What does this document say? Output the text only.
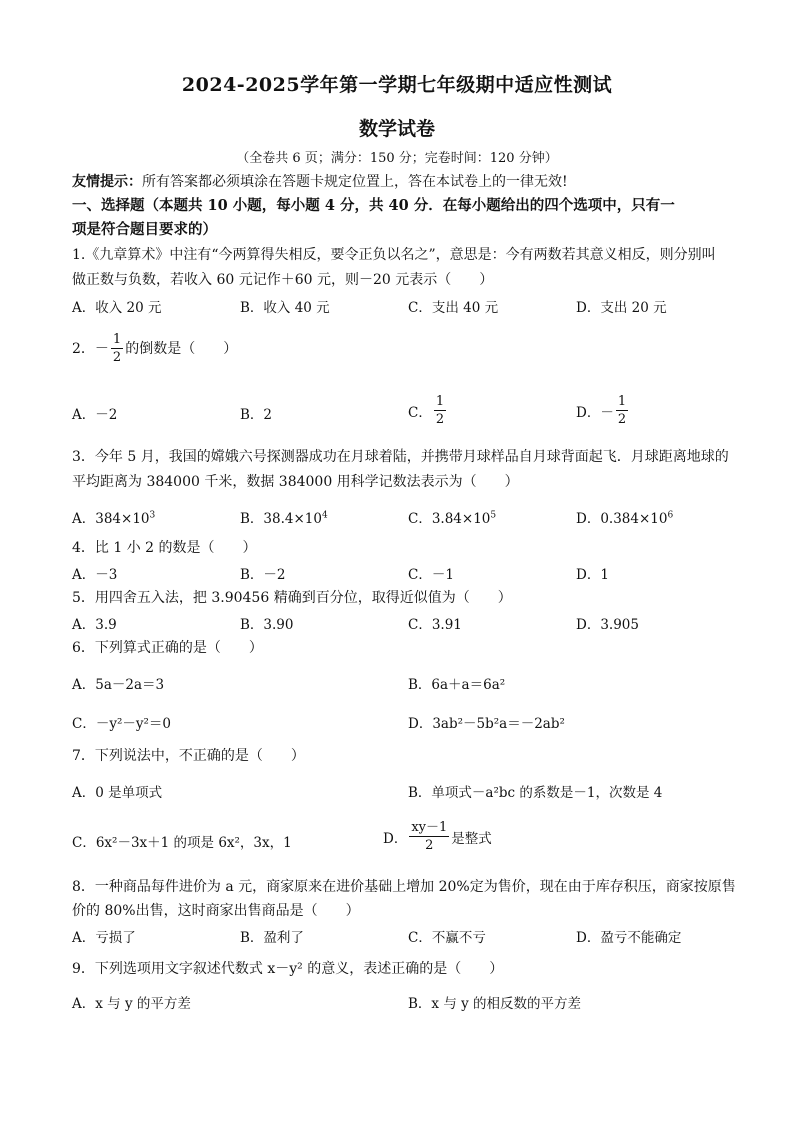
2024-2025学年第一学期七年级期中适应性测试
数学试卷
（全卷共 6 页；满分：150 分；完卷时间：120 分钟）
友情提示：所有答案都必须填涂在答题卡规定位置上，答在本试卷上的一律无效!
一、选择题（本题共 10 小题，每小题 4 分，共 40 分．在每小题给出的四个选项中，只有一
项是符合题目要求的）
1.《九章算术》中注有“今两算得失相反，要令正负以名之”，意思是：今有两数若其意义相反，则分别叫
做正数与负数，若收入 60 元记作＋60 元，则－20 元表示（　　）
A．收入 20 元	B．收入 40 元	C．支出 40 元	D．支出 20 元
2．－ $\frac{1}{2}$ 的倒数是（　　）
A．－2	B．2	C． $\frac{1}{2}$	D．－ $\frac{1}{2}$
3．今年 5 月，我国的嫦娥六号探测器成功在月球着陆，并携带月球样品自月球背面起飞．月球距离地球的
平均距离为 384000 千米，数据 384000 用科学记数法表示为（　　）
A．$384\times 10^3$	B．$38.4\times 10^4$	C．$3.84\times 10^5$	D．$0.384\times 10^6$
4．比 1 小 2 的数是（　　）
A．－3	B．－2	C．－1	D．1
5．用四舍五入法，把 3.90456 精确到百分位，取得近似值为（　　）
A．3.9	B．3.90	C．3.91	D．3.905
6．下列算式正确的是（　　）
A．5a－2a＝3	B．6a＋a＝6a²
C．－y²－y²＝0	D．3ab²－5b²a＝－2ab²
7．下列说法中，不正确的是（　　）
A．0 是单项式	B．单项式－a²bc 的系数是－1，次数是 4
C．6x²－3x＋1 的项是 6x²，3x，1	D． $\frac{xy-1}{2}$ 是整式
8．一种商品每件进价为 a 元，商家原来在进价基础上增加 20%定为售价，现在由于库存积压，商家按原售
价的 80%出售，这时商家出售商品是（　　）
A．亏损了	B．盈利了	C．不赢不亏	D．盈亏不能确定
9．下列选项用文字叙述代数式 x－y² 的意义，表述正确的是（　　）
A．x 与 y 的平方差	B．x 与 y 的相反数的平方差
